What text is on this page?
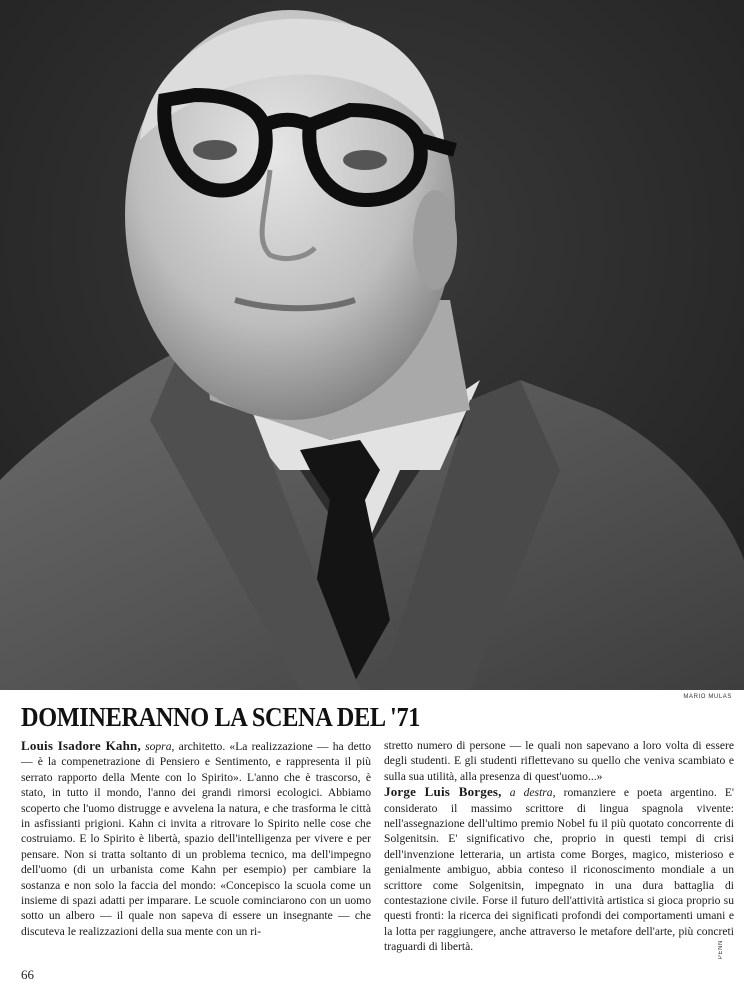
MARIO MULAS
DOMINERANNO LA SCENA DEL '71

Louis Isadore Kahn, sopra, architetto. «La realizzazione — ha detto — è la compenetrazione di Pensiero e Sentimento, e rappresenta il più serrato rapporto della Mente con lo Spirito». L'anno che è trascorso, è stato, in tutto il mondo, l'anno dei grandi rimorsi ecologici. Abbiamo scoperto che l'uomo distrugge e avvelena la natura, e che trasforma le città in asfissianti prigioni. Kahn ci invita a ritrovare lo Spirito nelle cose che costruiamo. E lo Spirito è libertà, spazio dell'intelligenza per vivere e per pensare. Non si tratta soltanto di un problema tecnico, ma dell'impegno dell'uomo (di un urbanista come Kahn per esempio) per cambiare la sostanza e non solo la faccia del mondo: «Concepisco la scuola come un insieme di spazi adatti per imparare. Le scuole cominciarono con un uomo sotto un albero — il quale non sapeva di essere un insegnante — che discuteva le realizzazioni della sua mente con un ri-

stretto numero di persone — le quali non sapevano a loro volta di essere degli studenti. E gli studenti riflettevano su quello che veniva scambiato e sulla sua utilità, alla presenza di quest'uomo...»

Jorge Luis Borges, a destra, romanziere e poeta argentino. E' considerato il massimo scrittore di lingua spagnola vivente: nell'assegnazione dell'ultimo premio Nobel fu il più quotato concorrente di Solgenitsin. E' significativo che, proprio in questi tempi di crisi dell'invenzione letteraria, un artista come Borges, magico, misterioso e genialmente ambiguo, abbia conteso il riconoscimento mondiale a un scrittore come Solgenitsin, impegnato in una dura battaglia di contestazione civile. Forse il futuro dell'attività artistica si gioca proprio su questi fronti: la ricerca dei significati profondi dei comportamenti umani e la lotta per raggiungere, anche attraverso le metafore dell'arte, più concreti traguardi di libertà.	PENN
66
